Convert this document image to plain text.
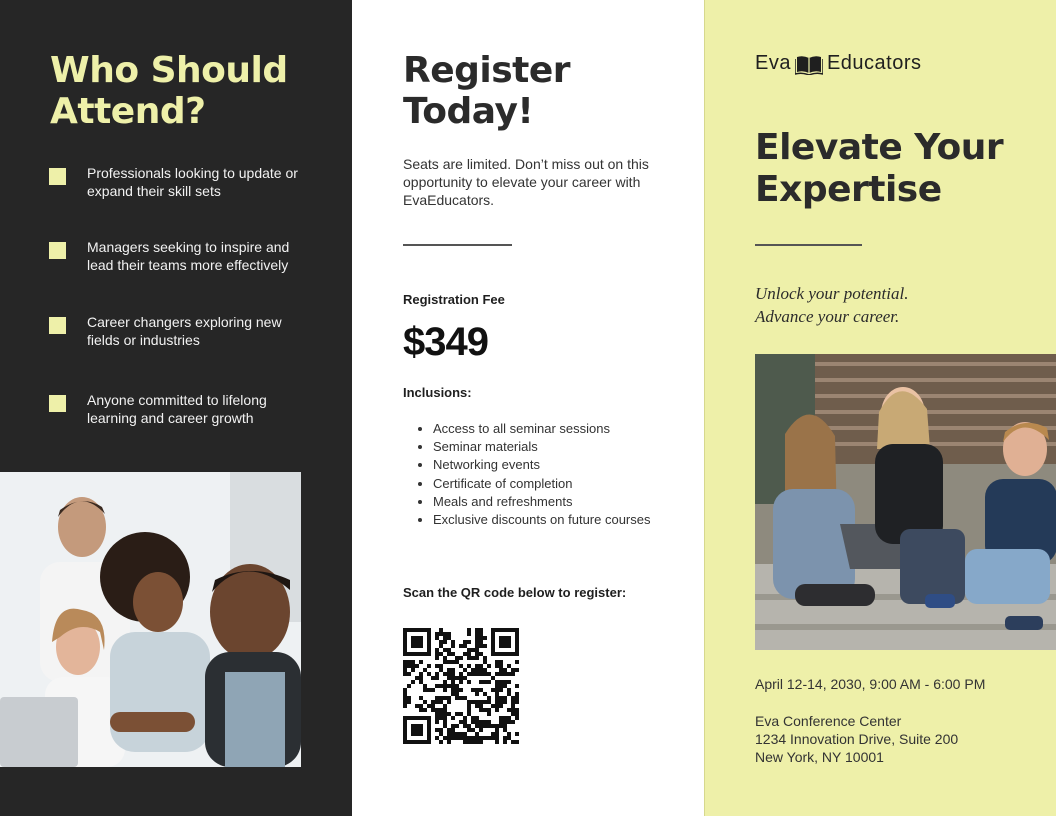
Who Should
Attend?
Professionals looking to update or
expand their skill sets
Managers seeking to inspire and
lead their teams more effectively
Career changers exploring new
fields or industries
Anyone committed to lifelong
learning and career growth
Register
Today!

Seats are limited. Don’t miss out on this
opportunity to elevate your career with
EvaEducators.

Registration Fee
$349
Inclusions:
• Access to all seminar sessions
• Seminar materials
• Networking events
• Certificate of completion
• Meals and refreshments
• Exclusive discounts on future courses
Scan the QR code below to register:
Eva Educators
Elevate Your
Expertise

Unlock your potential.
Advance your career.

April 12-14, 2030, 9:00 AM - 6:00 PM
Eva Conference Center
1234 Innovation Drive, Suite 200
New York, NY 10001
